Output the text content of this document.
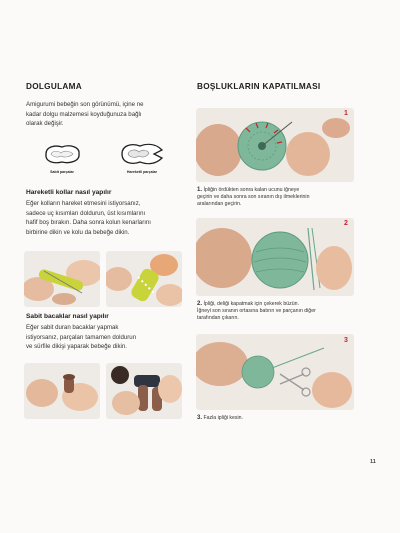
DOLGULAMA
Amigurumi bebeğin son görünümü, içine ne
kadar dolgu malzemesi koyduğunuza bağlı
olarak değişir.
Sabit parçalar	Hareketli parçalar
Hareketli kollar nasıl yapılır
Eğer kolların hareket etmesini istiyorsanız,
sadece uç kısımları doldurun, üst kısımlarını
hafif boş bırakın. Daha sonra kolun kenarlarını
birbirine dikin ve kolu da bebeğe dikin.
Sabit bacaklar nasıl yapılır
Eğer sabit duran bacaklar yapmak
istiyorsanız, parçaları tamamen doldurun
ve sürfile dikişi yaparak bebeğe dikin.
BOŞLUKLARIN KAPATILMASI
1
1. İpliğin ördükten sonra kalan ucunu iğneye
geçirin ve daha sonra son sıranın dış ilmeklerinin
aralarından geçirin.
2
2. İpliği, deliği kapatmak için çekerek büzün.
İğneyi son sıranın ortasına batırın ve parçanın diğer
tarafından çıkarın.
3
3. Fazla ipliği kesin.
11
